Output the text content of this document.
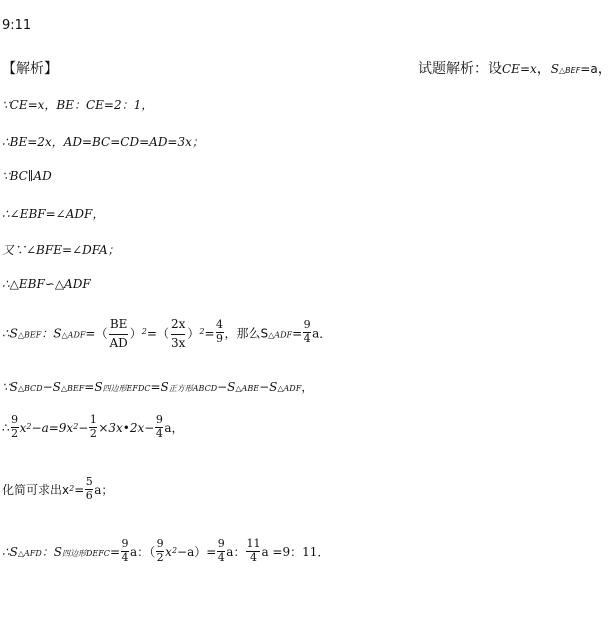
9:11
【解析】	试题解析：设CE=x，S△BEF=a，
∵CE=x，BE：CE=2：1，
∴BE=2x，AD=BC=CD=AD=3x；
∵BC∥AD
∴∠EBF=∠ADF，
又∵∠BFE=∠DFA；
∴△EBF∽△ADF
∴S△BEF：S△ADF=（ $\frac{BE}{AD} )^2=( \frac{2x}{3x} )^2= \frac{4}{9}$ ，那么S△ADF= $\frac{9}{4}$ a．
∵S△BCD−S△BEF=S四边形EFDC=S正方形ABCD−S△ABE−S△ADF，
∴ $\frac{9}{2} x^2-a=9x^2- \frac{1}{2}$ ×3x•2x− $\frac{9}{4}$ a，
化简可求出$x^2= \frac{5}{6}$ a；
∴S△AFD：S四边形DEFC= $\frac{9}{4}$ a：（ $\frac{9}{2} x^2-a)= \frac{9}{4}$ a： $\frac{11}{4}$ a =9：11．
